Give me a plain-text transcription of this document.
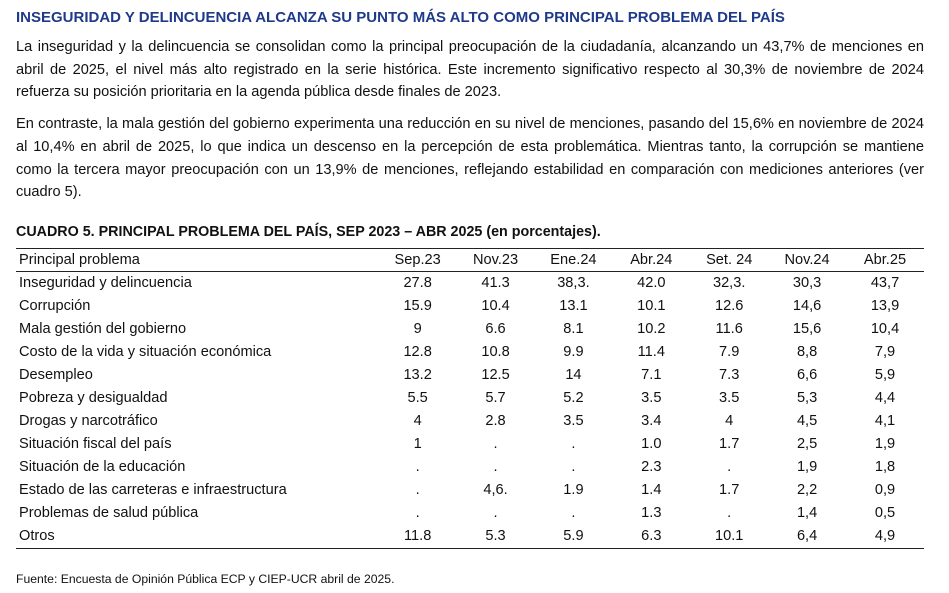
INSEGURIDAD Y DELINCUENCIA ALCANZA SU PUNTO MÁS ALTO COMO PRINCIPAL PROBLEMA DEL PAÍS

La inseguridad y la delincuencia se consolidan como la principal preocupación de la ciudadanía, alcanzando un 43,7% de menciones en abril de 2025, el nivel más alto registrado en la serie histórica. Este incremento significativo respecto al 30,3% de noviembre de 2024 refuerza su posición prioritaria en la agenda pública desde finales de 2023.

En contraste, la mala gestión del gobierno experimenta una reducción en su nivel de menciones, pasando del 15,6% en noviembre de 2024 al 10,4% en abril de 2025, lo que indica un descenso en la percepción de esta problemática. Mientras tanto, la corrupción se mantiene como la tercera mayor preocupación con un 13,9% de menciones, reflejando estabilidad en comparación con mediciones anteriores (ver cuadro 5).

CUADRO 5. PRINCIPAL PROBLEMA DEL PAÍS, SEP 2023 – ABR 2025 (en porcentajes).
Principal problema	Sep.23	Nov.23	Ene.24	Abr.24	Set. 24	Nov.24	Abr.25
Inseguridad y delincuencia	27.8	41.3	38,3.	42.0	32,3.	30,3	43,7
Corrupción	15.9	10.4	13.1	10.1	12.6	14,6	13,9
Mala gestión del gobierno	9	6.6	8.1	10.2	11.6	15,6	10,4
Costo de la vida y situación económica	12.8	10.8	9.9	11.4	7.9	8,8	7,9
Desempleo	13.2	12.5	14	7.1	7.3	6,6	5,9
Pobreza y desigualdad	5.5	5.7	5.2	3.5	3.5	5,3	4,4
Drogas y narcotráfico	4	2.8	3.5	3.4	4	4,5	4,1
Situación fiscal del país	1	.	.	1.0	1.7	2,5	1,9
Situación de la educación	.	.	.	2.3	.	1,9	1,8
Estado de las carreteras e infraestructura	.	4,6.	1.9	1.4	1.7	2,2	0,9
Problemas de salud pública	.	.	.	1.3	.	1,4	0,5
Otros	11.8	5.3	5.9	6.3	10.1	6,4	4,9
Fuente: Encuesta de Opinión Pública ECP y CIEP-UCR abril de 2025.
